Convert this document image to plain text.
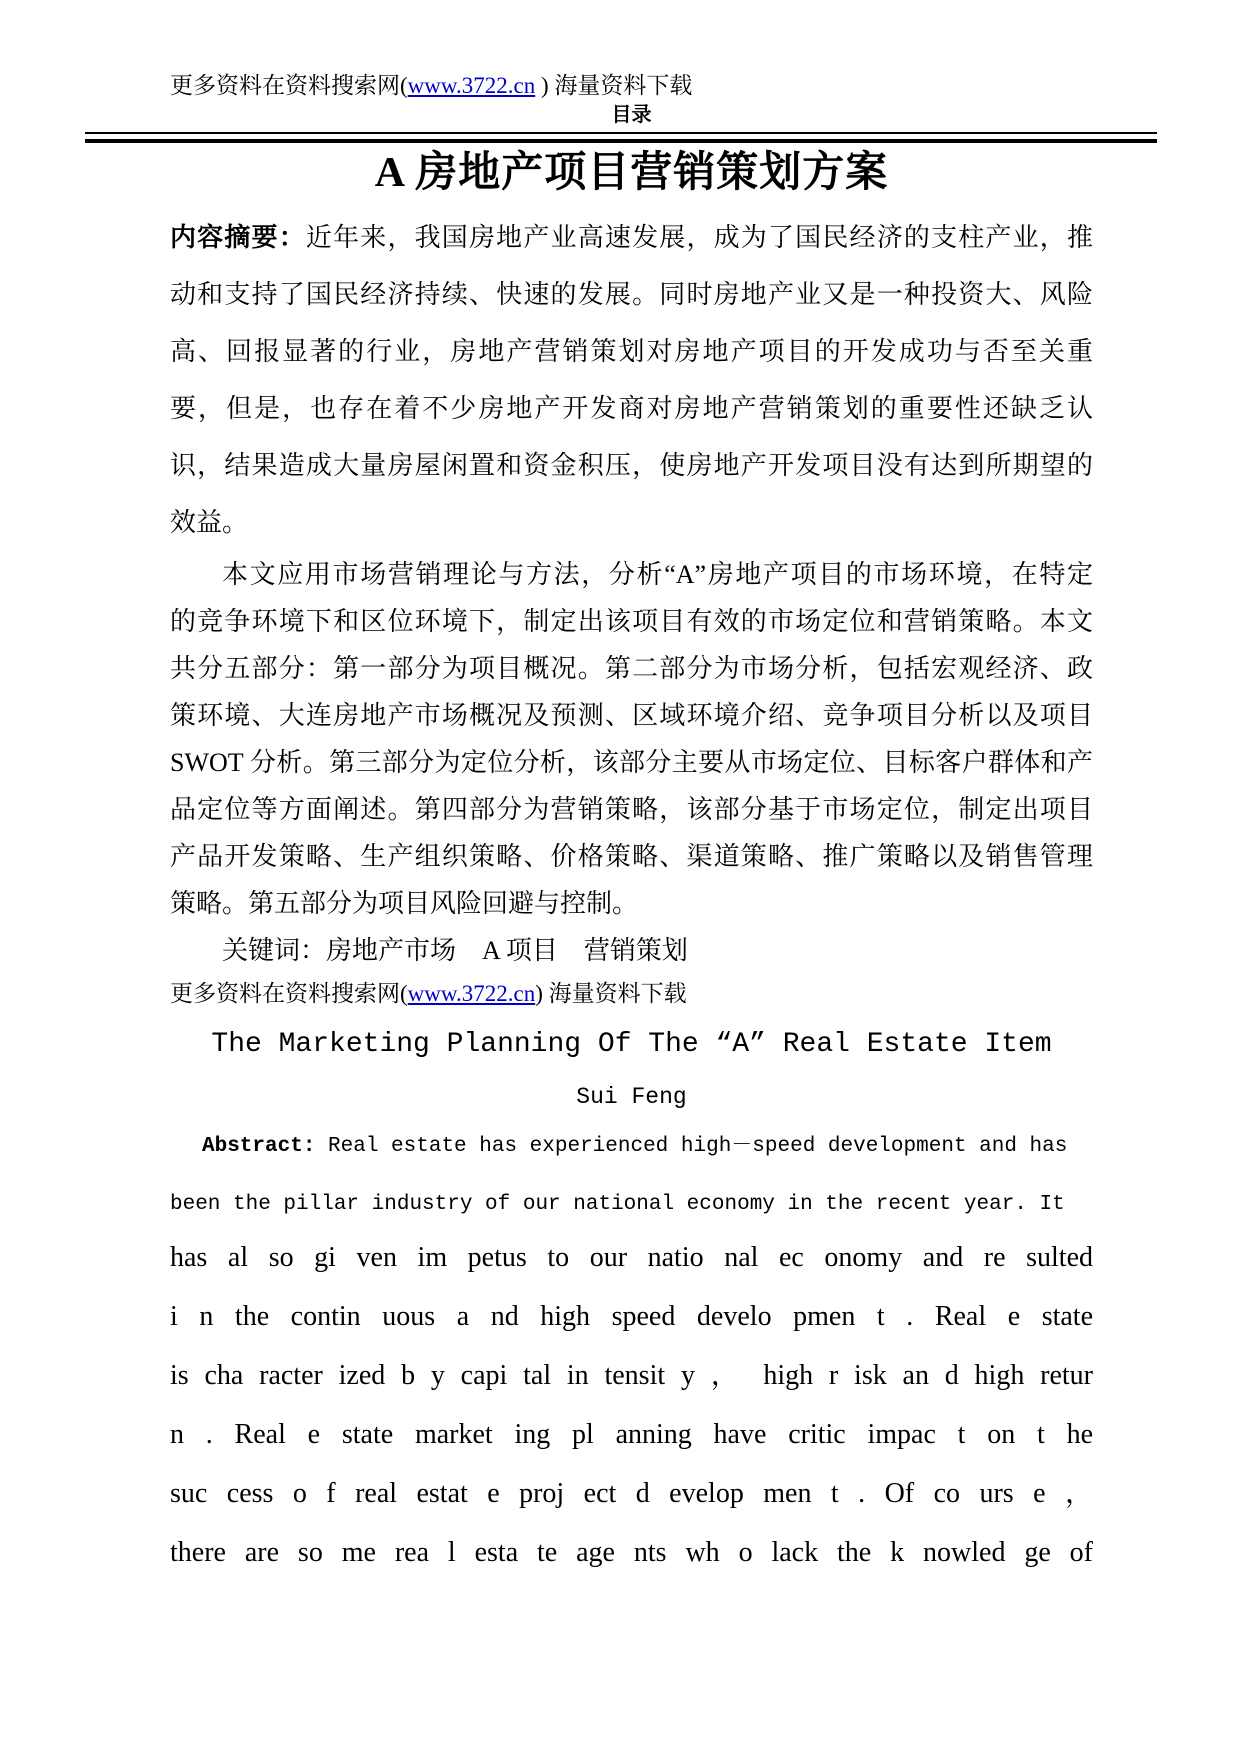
更多资料在资料搜索网(www.3722.cn ) 海量资料下载
目录
A 房地产项目营销策划方案
内容摘要：近年来，我国房地产业高速发展，成为了国民经济的支柱产业，推
动和支持了国民经济持续、快速的发展。同时房地产业又是一种投资大、风险
高、回报显著的行业，房地产营销策划对房地产项目的开发成功与否至关重
要，但是，也存在着不少房地产开发商对房地产营销策划的重要性还缺乏认
识，结果造成大量房屋闲置和资金积压，使房地产开发项目没有达到所期望的
效益。
本文应用市场营销理论与方法，分析“A”房地产项目的市场环境，在特定
的竞争环境下和区位环境下，制定出该项目有效的市场定位和营销策略。本文
共分五部分：第一部分为项目概况。第二部分为市场分析，包括宏观经济、政
策环境、大连房地产市场概况及预测、区域环境介绍、竞争项目分析以及项目
SWOT 分析。第三部分为定位分析，该部分主要从市场定位、目标客户群体和产
品定位等方面阐述。第四部分为营销策略，该部分基于市场定位，制定出项目
产品开发策略、生产组织策略、价格策略、渠道策略、推广策略以及销售管理
策略。第五部分为项目风险回避与控制。
关键词：房地产市场　A 项目　营销策划
更多资料在资料搜索网(www.3722.cn) 海量资料下载
The Marketing Planning Of The “A” Real Estate Item
Sui Feng
Abstract: Real estate has experienced high－speed development and has
been the pillar industry of our national economy in the recent year. It
has al so gi ven im petus to our natio nal ec onomy and re sulted
i n the contin uous a nd high speed develo pmen t . Real e state
is cha racter ized b y capi tal in tensit y ， high r isk an d high retur
n . Real e state market ing pl anning have critic impac t on t he
suc cess o f real estat e proj ect d evelop men t . Of co urs e ，
there are so me rea l esta te age nts wh o lack the k nowled ge of
